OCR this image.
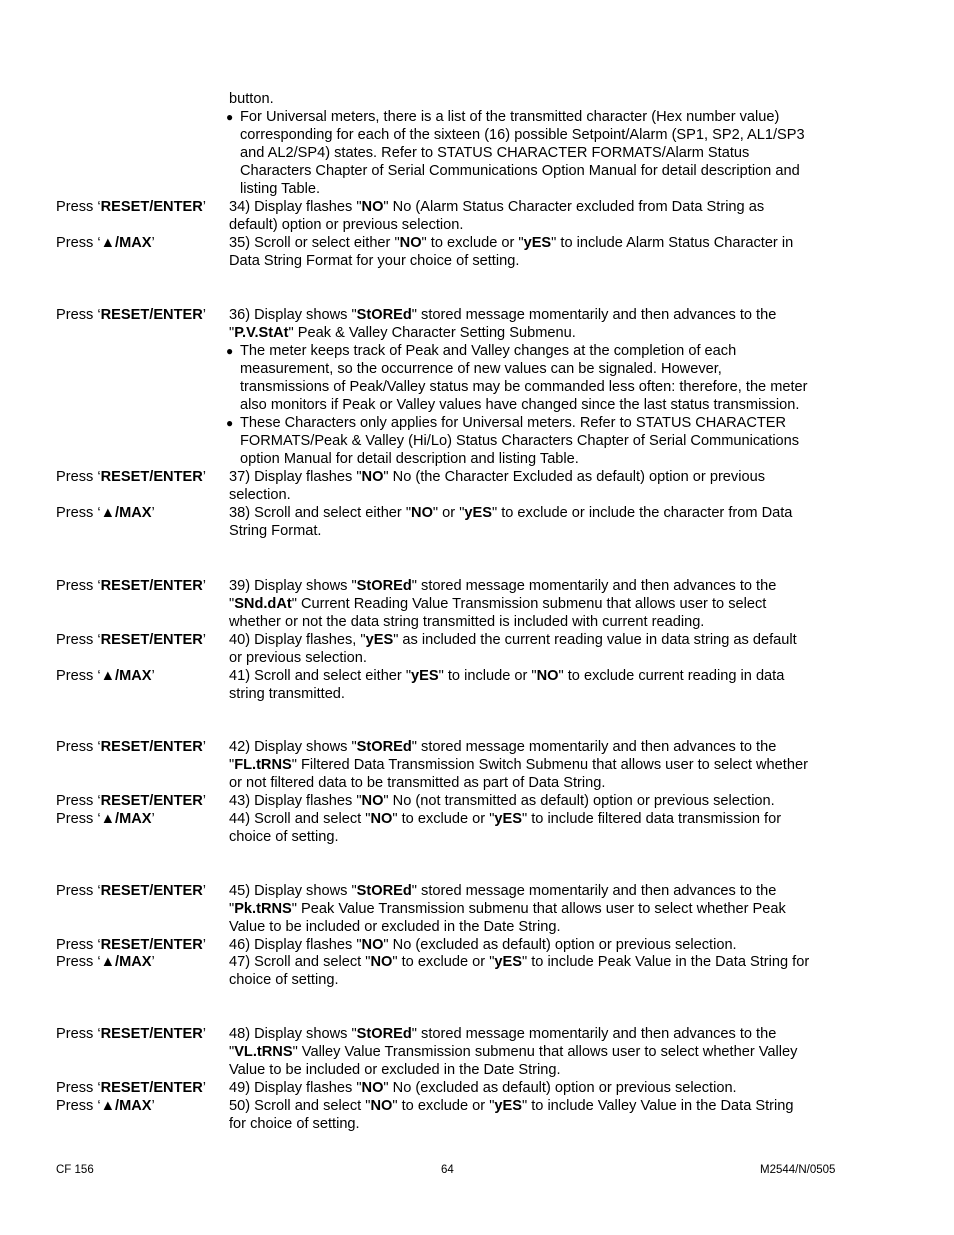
button.
● For Universal meters, there is a list of the transmitted character (Hex number value)
corresponding for each of the sixteen (16) possible Setpoint/Alarm (SP1, SP2, AL1/SP3
and AL2/SP4) states. Refer to STATUS CHARACTER FORMATS/Alarm Status
Characters Chapter of Serial Communications Option Manual for detail description and
listing Table.
Press ‘RESET/ENTER’ 34) Display flashes "NO" No (Alarm Status Character excluded from Data String as
default) option or previous selection.
Press ‘▲/MAX’	35) Scroll or select either "NO" to exclude or "yES" to include Alarm Status Character in
Data String Format for your choice of setting.
Press ‘RESET/ENTER’ 36) Display shows "StOREd" stored message momentarily and then advances to the
"P.V.StAt" Peak & Valley Character Setting Submenu.
● The meter keeps track of Peak and Valley changes at the completion of each
measurement, so the occurrence of new values can be signaled. However,
transmissions of Peak/Valley status may be commanded less often: therefore, the meter
also monitors if Peak or Valley values have changed since the last status transmission.
● These Characters only applies for Universal meters. Refer to STATUS CHARACTER
FORMATS/Peak & Valley (Hi/Lo) Status Characters Chapter of Serial Communications
option Manual for detail description and listing Table.
Press ‘RESET/ENTER’ 37) Display flashes "NO" No (the Character Excluded as default) option or previous
selection.
Press ‘▲/MAX’	38) Scroll and select either "NO" or "yES" to exclude or include the character from Data
String Format.
Press ‘RESET/ENTER’ 39) Display shows "StOREd" stored message momentarily and then advances to the
"SNd.dAt" Current Reading Value Transmission submenu that allows user to select
whether or not the data string transmitted is included with current reading.
Press ‘RESET/ENTER’ 40) Display flashes, "yES" as included the current reading value in data string as default
or previous selection.
Press ‘▲/MAX’	41) Scroll and select either "yES" to include or "NO" to exclude current reading in data
string transmitted.
Press ‘RESET/ENTER’ 42) Display shows "StOREd" stored message momentarily and then advances to the
"FL.tRNS" Filtered Data Transmission Switch Submenu that allows user to select whether
or not filtered data to be transmitted as part of Data String.
Press ‘RESET/ENTER’ 43) Display flashes "NO" No (not transmitted as default) option or previous selection.
Press ‘▲/MAX’	44) Scroll and select "NO" to exclude or "yES" to include filtered data transmission for
choice of setting.
Press ‘RESET/ENTER’ 45) Display shows "StOREd" stored message momentarily and then advances to the
"Pk.tRNS" Peak Value Transmission submenu that allows user to select whether Peak
Value to be included or excluded in the Date String.
Press ‘RESET/ENTER’ 46) Display flashes "NO" No (excluded as default) option or previous selection.
Press ‘▲/MAX’	47) Scroll and select "NO" to exclude or "yES" to include Peak Value in the Data String for
choice of setting.
Press ‘RESET/ENTER’ 48) Display shows "StOREd" stored message momentarily and then advances to the
"VL.tRNS" Valley Value Transmission submenu that allows user to select whether Valley
Value to be included or excluded in the Date String.
Press ‘RESET/ENTER’ 49) Display flashes "NO" No (excluded as default) option or previous selection.
Press ‘▲/MAX’	50) Scroll and select "NO" to exclude or "yES" to include Valley Value in the Data String
for choice of setting.
CF 156	64	M2544/N/0505
